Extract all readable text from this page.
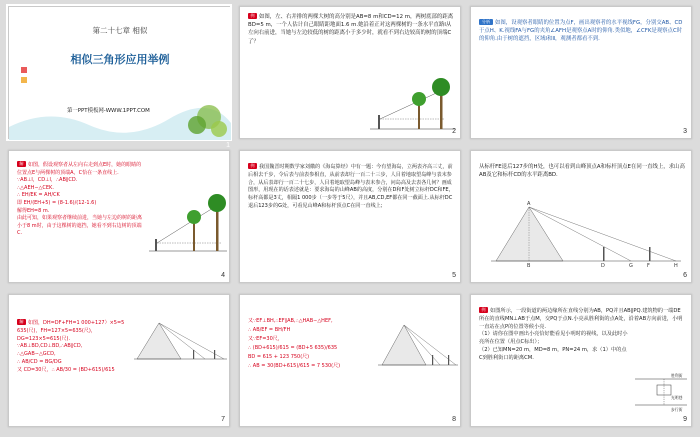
第二十七章 相似
相似三角形应用举例
第一PPT模板网-WWW.1PPT.COM
1
例 如图，左、右并排的两棵大树的高分别是AB=8 m和CD=12 m，两树底部的距离BD=5 m，一个人估计自己眼睛距地面1.6 m.她沿着正对这两棵树的一条水平直路l从左向右前进，当她与左边较低的树的距离小于多少时，就看不到右边较高的树的顶端C了？
2
分析 如图，设观察者眼睛的位置为点F，画出观察者的水平视线FG，分别交AB、CD于点H、K.视线FA与FG的夹角∠AFH是观察点A时的仰角.类似地，∠CFK是观察点C时的仰角.由于树的遮挡，区域Ⅰ和Ⅱ，观测者都看不到.
3
解 如图，假设观察者从左向右走到点E时，她的眼睛的位置点E与两棵树的顶端A，C恰在一条直线上.
∵AB⊥l，CD⊥l，∴AB∥CD.
∴△AEH∽△CEK.
∴ EH/EK = AH/CK
即 EH/(EH+5) = (8-1.6)/(12-1.6)
解得EH=8 m.
由此可知，如果观察者继续前进，当她与左边的树的距离小于8 m时，由于这棵树的遮挡，她看不到右边树的顶端C.
4
例 我国魏晋时期数学家刘徽的《海岛算经》中有一题：今有望海岛，立两表齐高三丈，前后相去千步，令后表与前表参相直，从前表却行一百二十三步，人目着地取望岛峰与表末参合，从后表却行一百二十七步，人目着地取望岛峰与表末参合，问岛高及去表各几何？画成图形，用现在的话表述就是：要求海岛的山峰AB的高度，分别在D和F处树立标杆DC和FE，标杆高都是3丈，相隔1 000步（一步等于5尺），并且AB,CD,EF都在同一截面上.从标杆DC退后123步的G处，可看见山峰A和标杆顶点C在同一直线上;
5
从标杆FE退后127步的H处，也可以看到山峰顶点A和标杆顶点E在同一直线上，求山高AB及它和标杆CD的水平距离BD.
A
B	D	G	F	H
6
解 如图，DH=DF+FH=1 000+127）×5=5 635(尺)，FH=127×5=635(尺)，DG=123×5=615(尺).
∵AB⊥BD,CD⊥BD,∴AB∥CD,
∴△GAB∽△GCD,
∴ AB/CD = BG/DG
又 CD=30尺，∴ AB/30 = (BD+615)/615
7
又∵EF⊥BH,∴EF∥AB,∴△HAB∽△HEF,
∴ AB/EF = BH/FH
又∵EF=30尺，
∴ (BD+615)/615 = (BD+5 635)/635
BD = 615 + 123 750(尺)
∴ AB = 30(BD+615)/615 = 7 530(尺)
8
例 如图所示，一段街道的两边缘所在直线分别为AB，PQ并且AB∥PQ.建筑物的一端DE所在的直线MN⊥AB于点M，交PQ于点N.小亮从胜利街的点A处，沿着AB方向前进，小明一直站在点P的位置等候小亮.
（1）请你在图中画出小亮恰好能看见小明时的视线，以及此时小亮所在位置（用点C标出）；
（2）已知MN=20 m，MD=8 m，PN=24 m，求（1）中的点C到胜利街口的距离CM.
胜利街
光明巷
步行街
9
